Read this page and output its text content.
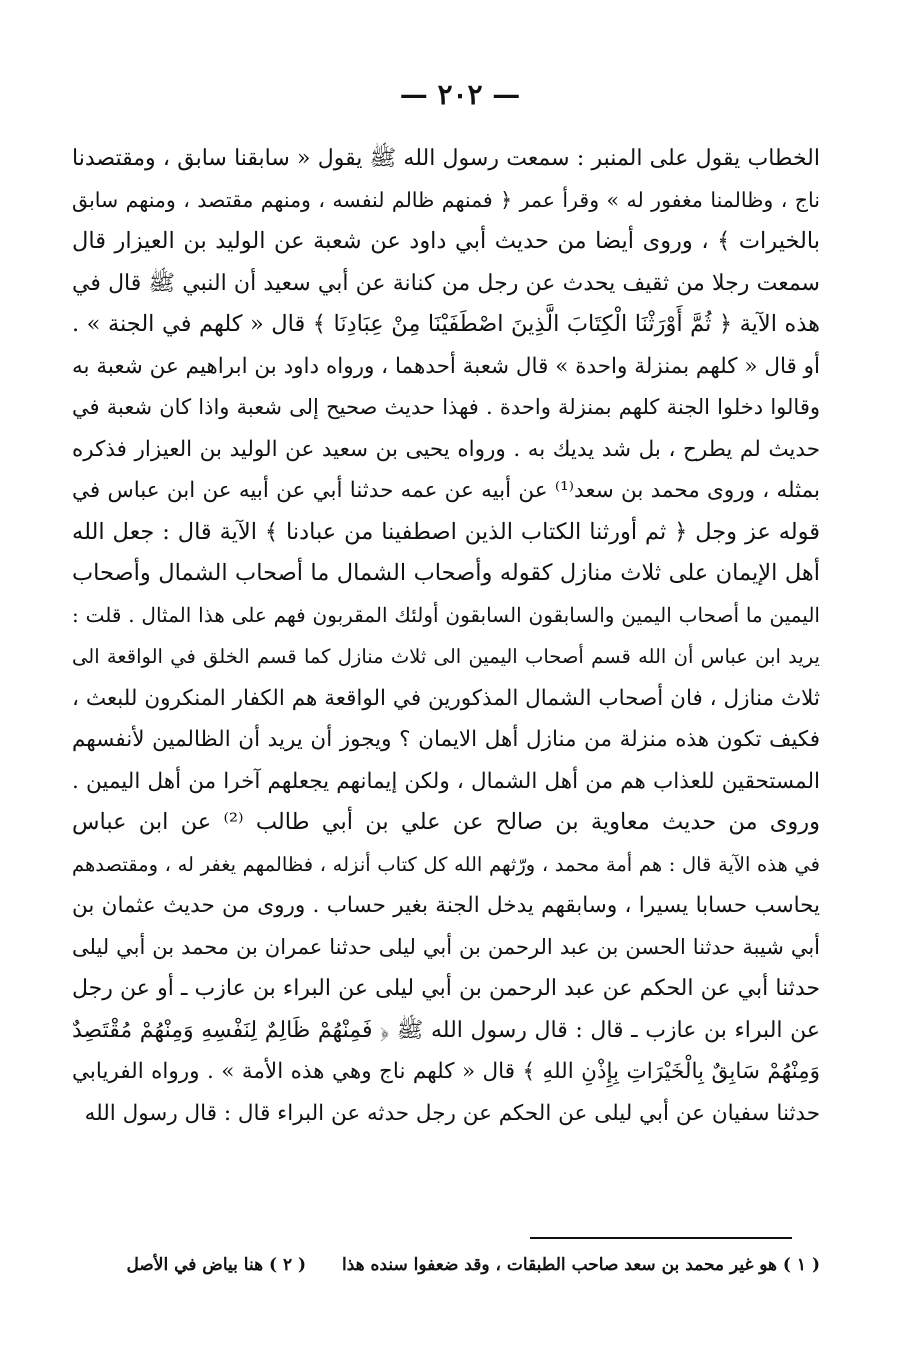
— ٢٠٢ —
الخطاب يقول على المنبر : سمعت رسول الله ﷺ يقول « سابقنا سابق ، ومقتصدنا
ناج ، وظالمنا مغفور له » وقرأ عمر ﴿ فمنهم ظالم لنفسه ، ومنهم مقتصد ، ومنهم سابق
بالخيرات ﴾ ، وروى أيضا من حديث أبي داود عن شعبة عن الوليد بن العيزار قال
سمعت رجلا من ثقيف يحدث عن رجل من كنانة عن أبي سعيد أن النبي ﷺ قال في
هذه الآية ﴿ ثُمَّ أَوْرَثْنَا الْكِتَابَ الَّذِينَ اصْطَفَيْنَا مِنْ عِبَادِنَا ﴾ قال « كلهم في الجنة » .
أو قال « كلهم بمنزلة واحدة » قال شعبة أحدهما ، ورواه داود بن ابراهيم عن شعبة به
وقالوا دخلوا الجنة كلهم بمنزلة واحدة . فهذا حديث صحيح إلى شعبة واذا كان شعبة في
حديث لم يطرح ، بل شد يديك به . ورواه يحيى بن سعيد عن الوليد بن العيزار فذكره
بمثله ، وروى محمد بن سعد⁽¹⁾ عن أبيه عن عمه حدثنا أبي عن أبيه عن ابن عباس في
قوله عز وجل ﴿ ثم أورثنا الكتاب الذين اصطفينا من عبادنا ﴾ الآية قال : جعل الله
أهل الإيمان على ثلاث منازل كقوله وأصحاب الشمال ما أصحاب الشمال وأصحاب
اليمين ما أصحاب اليمين والسابقون السابقون أولئك المقربون فهم على هذا المثال . قلت :
يريد ابن عباس أن الله قسم أصحاب اليمين الى ثلاث منازل كما قسم الخلق في الواقعة الى
ثلاث منازل ، فان أصحاب الشمال المذكورين في الواقعة هم الكفار المنكرون للبعث ،
فكيف تكون هذه منزلة من منازل أهل الايمان ؟ ويجوز أن يريد أن الظالمين لأنفسهم
المستحقين للعذاب هم من أهل الشمال ، ولكن إيمانهم يجعلهم آخرا من أهل اليمين .
وروى من حديث معاوية بن صالح عن علي بن أبي طالب ⁽²⁾ عن ابن عباس
في هذه الآية قال : هم أمة محمد ، ورّثهم الله كل كتاب أنزله ، فظالمهم يغفر له ، ومقتصدهم
يحاسب حسابا يسيرا ، وسابقهم يدخل الجنة بغير حساب . وروى من حديث عثمان بن
أبي شيبة حدثنا الحسن بن عبد الرحمن بن أبي ليلى حدثنا عمران بن محمد بن أبي ليلى
حدثنا أبي عن الحكم عن عبد الرحمن بن أبي ليلى عن البراء بن عازب ـ أو عن رجل
عن البراء بن عازب ـ قال : قال رسول الله ﷺ ﴿ فَمِنْهُمْ ظَالِمٌ لِنَفْسِهِ وَمِنْهُمْ مُقْتَصِدٌ
وَمِنْهُمْ سَابِقٌ بِالْخَيْرَاتِ بِإِذْنِ اللهِ ﴾ قال « كلهم ناج وهي هذه الأمة » . ورواه الفريابي
حدثنا سفيان عن أبي ليلى عن الحكم عن رجل حدثه عن البراء قال : قال رسول الله
( ١ ) هو غير محمد بن سعد صاحب الطبقات ، وقد ضعفوا سنده هذا ( ٢ ) هنا بياض في الأصل
